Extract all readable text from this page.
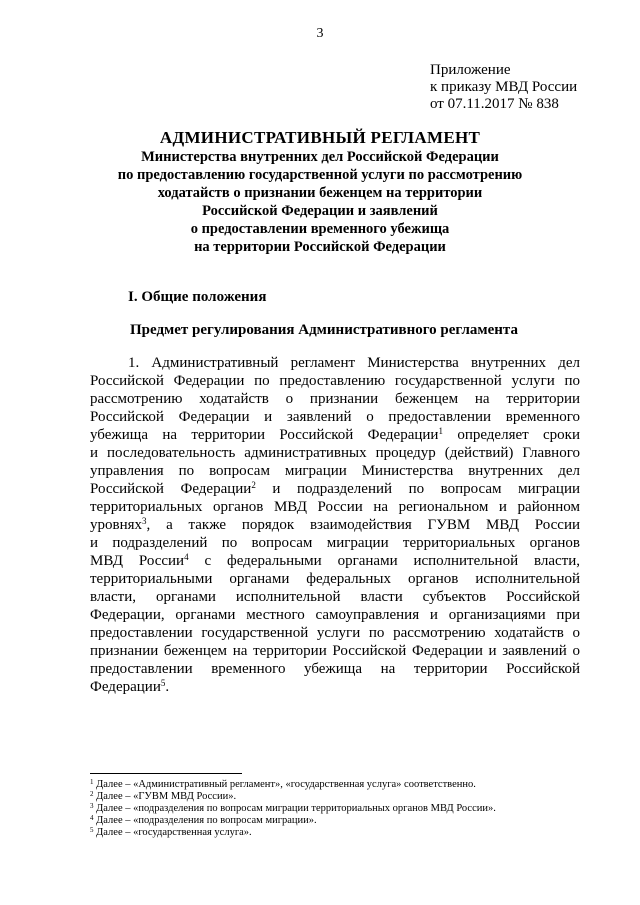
3
Приложение
к приказу МВД России
от 07.11.2017 № 838
АДМИНИСТРАТИВНЫЙ РЕГЛАМЕНТ
Министерства внутренних дел Российской Федерации
по предоставлению государственной услуги по рассмотрению
ходатайств о признании беженцем на территории
Российской Федерации и заявлений
о предоставлении временного убежища
на территории Российской Федерации
I. Общие положения
Предмет регулирования Административного регламента
1. Административный регламент Министерства внутренних дел
Российской Федерации по предоставлению государственной услуги по
рассмотрению ходатайств о признании беженцем на территории
Российской Федерации и заявлений о предоставлении временного
убежища на территории Российской Федерации$^1$ определяет сроки
и последовательность административных процедур (действий) Главного
управления по вопросам миграции Министерства внутренних дел
Российской Федерации$^2$ и подразделений по вопросам миграции
территориальных органов МВД России на региональном и районном
уровнях$^3$, а также порядок взаимодействия ГУВМ МВД России
и подразделений по вопросам миграции территориальных органов
МВД России$^4$ с федеральными органами исполнительной власти,
территориальными органами федеральных органов исполнительной
власти, органами исполнительной власти субъектов Российской
Федерации, органами местного самоуправления и организациями при
предоставлении государственной услуги по рассмотрению ходатайств о
признании беженцем на территории Российской Федерации и заявлений о
предоставлении временного убежища на территории Российской
Федерации$^5$.
$^1$ Далее – «Административный регламент», «государственная услуга» соответственно.
$^2$ Далее – «ГУВМ МВД России».
$^3$ Далее – «подразделения по вопросам миграции территориальных органов МВД России».
$^4$ Далее – «подразделения по вопросам миграции».
$^5$ Далее – «государственная услуга».
